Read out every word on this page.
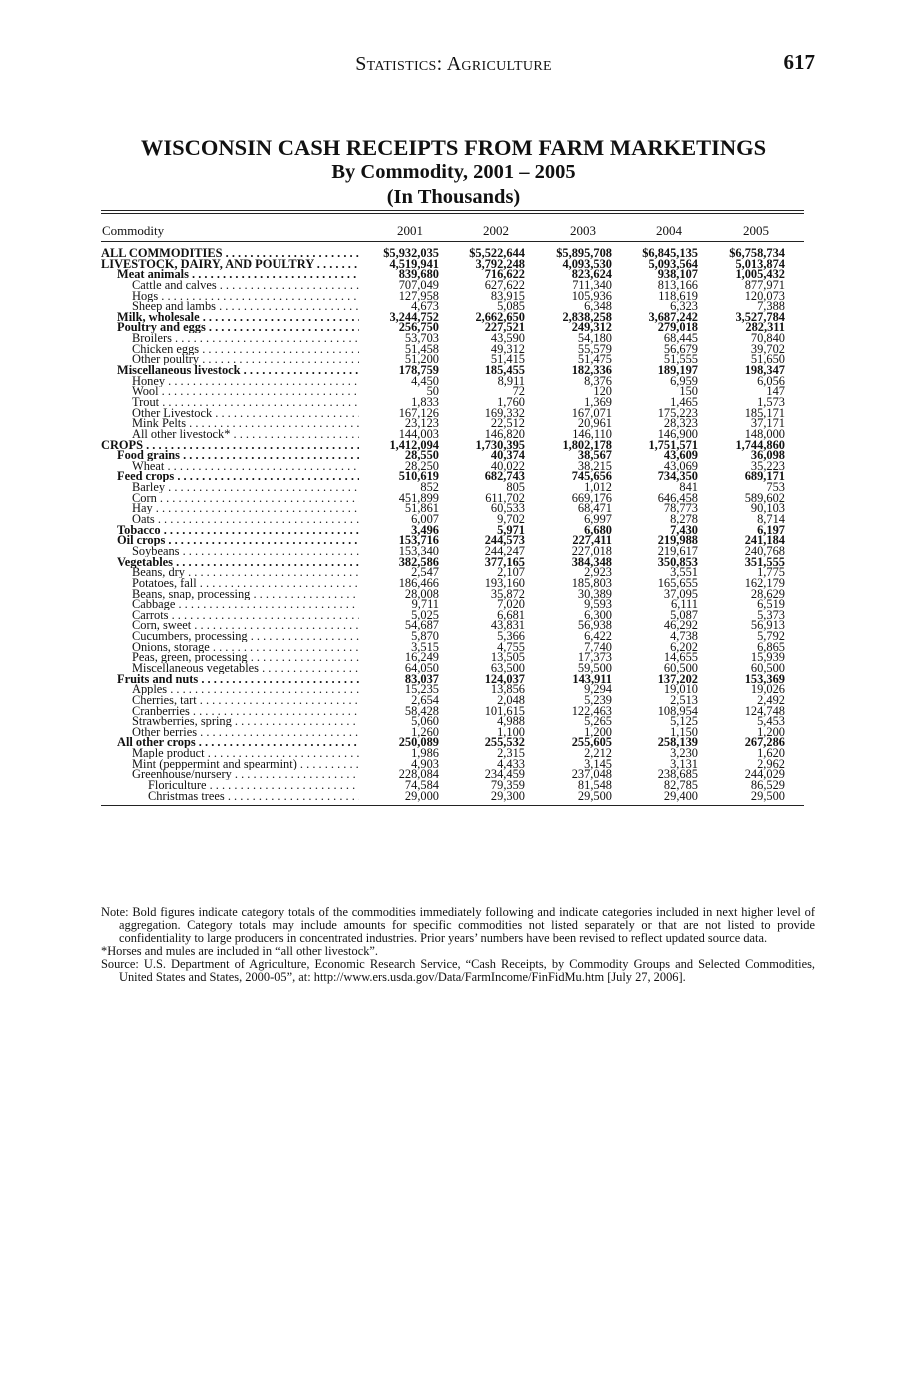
Statistics: Agriculture	617
WISCONSIN CASH RECEIPTS FROM FARM MARKETINGS
By Commodity, 2001 – 2005
(In Thousands)
Commodity	2001	2002	2003	2004	2005
ALL COMMODITIES . . .	$5,932,035	$5,522,644	$5,895,708	$6,845,135	$6,758,734
LIVESTOCK, DAIRY, AND POULTRY . . .	4,519,941	3,792,248	4,093,530	5,093,564	5,013,874
Meat animals . . .	839,680	716,622	823,624	938,107	1,005,432
Cattle and calves . . .	707,049	627,622	711,340	813,166	877,971
Hogs . . .	127,958	83,915	105,936	118,619	120,073
Sheep and lambs . . .	4,673	5,085	6,348	6,323	7,388
Milk, wholesale . . .	3,244,752	2,662,650	2,838,258	3,687,242	3,527,784
Poultry and eggs . . .	256,750	227,521	249,312	279,018	282,311
Broilers . . .	53,703	43,590	54,180	68,445	70,840
Chicken eggs . . .	51,458	49,312	55,579	56,679	39,702
Other poultry . . .	51,200	51,415	51,475	51,555	51,650
Miscellaneous livestock . . .	178,759	185,455	182,336	189,197	198,347
Honey . . .	4,450	8,911	8,376	6,959	6,056
Wool . . .	50	72	120	150	147
Trout . . .	1,833	1,760	1,369	1,465	1,573
Other Livestock . . .	167,126	169,332	167,071	175,223	185,171
Mink Pelts . . .	23,123	22,512	20,961	28,323	37,171
All other livestock* . . .	144,003	146,820	146,110	146,900	148,000
CROPS . . .	1,412,094	1,730,395	1,802,178	1,751,571	1,744,860
Food grains . . .	28,550	40,374	38,567	43,609	36,098
Wheat . . .	28,250	40,022	38,215	43,069	35,223
Feed crops . . .	510,619	682,743	745,656	734,350	689,171
Barley . . .	852	805	1,012	841	753
Corn . . .	451,899	611,702	669,176	646,458	589,602
Hay . . .	51,861	60,533	68,471	78,773	90,103
Oats . . .	6,007	9,702	6,997	8,278	8,714
Tobacco . . .	3,496	5,971	6,680	7,430	6,197
Oil crops . . .	153,716	244,573	227,411	219,988	241,184
Soybeans . . .	153,340	244,247	227,018	219,617	240,768
Vegetables . . .	382,586	377,165	384,348	350,853	351,555
Beans, dry . . .	2,547	2,107	2,923	3,551	1,775
Potatoes, fall . . .	186,466	193,160	185,803	165,655	162,179
Beans, snap, processing . . .	28,008	35,872	30,389	37,095	28,629
Cabbage . . .	9,711	7,020	9,593	6,111	6,519
Carrots . . .	5,025	6,681	6,300	5,087	5,373
Corn, sweet . . .	54,687	43,831	56,938	46,292	56,913
Cucumbers, processing . . .	5,870	5,366	6,422	4,738	5,792
Onions, storage . . .	3,515	4,755	7,740	6,202	6,865
Peas, green, processing . . .	16,249	13,505	17,373	14,655	15,939
Miscellaneous vegetables . . .	64,050	63,500	59,500	60,500	60,500
Fruits and nuts . . .	83,037	124,037	143,911	137,202	153,369
Apples . . .	15,235	13,856	9,294	19,010	19,026
Cherries, tart . . .	2,654	2,048	5,239	2,513	2,492
Cranberries . . .	58,428	101,615	122,463	108,954	124,748
Strawberries, spring . . .	5,060	4,988	5,265	5,125	5,453
Other berries . . .	1,260	1,100	1,200	1,150	1,200
All other crops . . .	250,089	255,532	255,605	258,139	267,286
Maple product . . .	1,986	2,315	2,212	3,230	1,620
Mint (peppermint and spearmint) . . .	4,903	4,433	3,145	3,131	2,962
Greenhouse/nursery . . .	228,084	234,459	237,048	238,685	244,029
Floriculture . . .	74,584	79,359	81,548	82,785	86,529
Christmas trees . . .	29,000	29,300	29,500	29,400	29,500

Note: Bold figures indicate category totals of the commodities immediately following and indicate categories included in next higher level of aggregation. Category totals may include amounts for specific commodities not listed separately or that are not listed to provide confidentiality to large producers in concentrated industries. Prior years’ numbers have been revised to reflect updated source data.

*Horses and mules are included in “all other livestock”.

Source: U.S. Department of Agriculture, Economic Research Service, “Cash Receipts, by Commodity Groups and Selected Commodities, United States and States, 2000-05”, at: http://www.ers.usda.gov/Data/FarmIncome/FinFidMu.htm [July 27, 2006].
